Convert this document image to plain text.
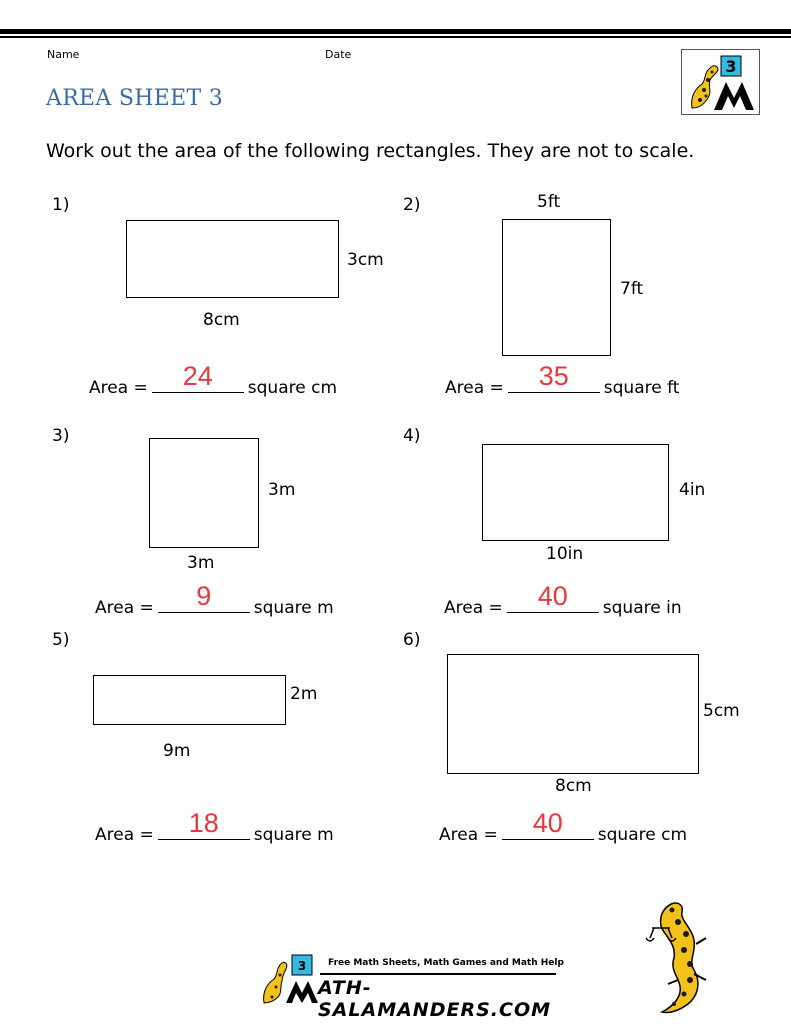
Name	Date
AREA SHEET 3
3
Work out the area of the following rectangles. They are not to scale.
1)
3cm
8cm
Area =	24	square cm
2)	5ft
7ft
Area =	35	square ft
3)
3m
3m
Area =	9	square m
4)
4in
10in
Area =	40	square in
5)
2m
9m
Area =	18	square m
6)
5cm
8cm
Area =	40	square cm
3 Free Math Sheets, Math Games and Math Help
ATH-SALAMANDERS.COM
